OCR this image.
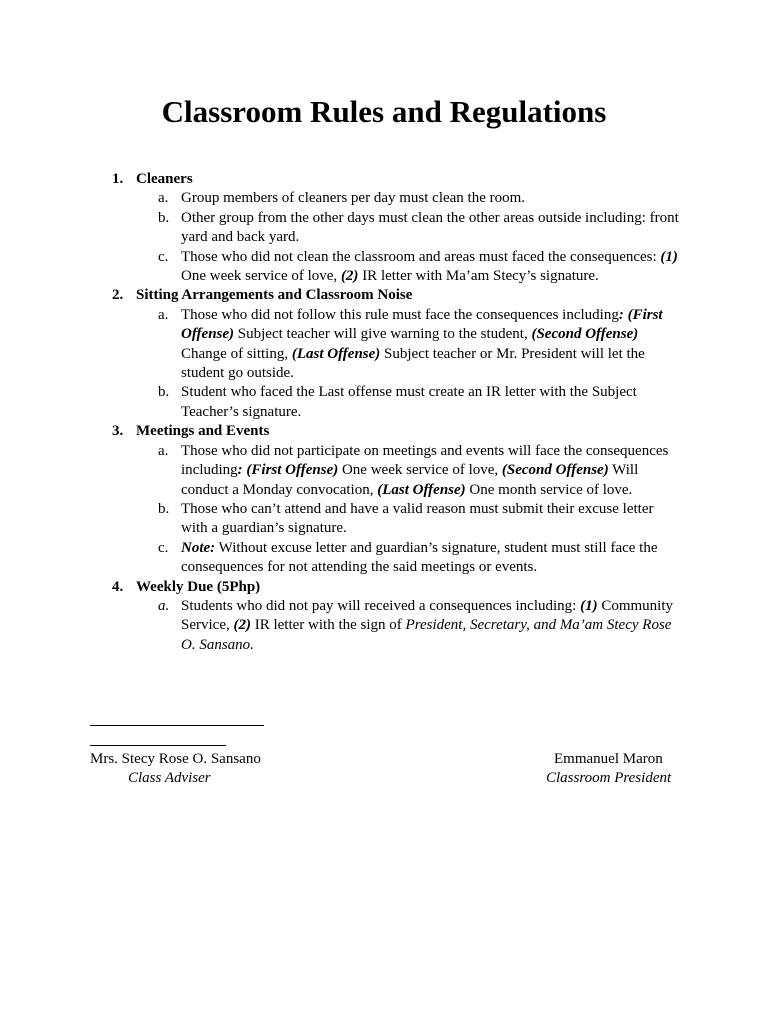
Classroom Rules and Regulations
1. Cleaners
a. Group members of cleaners per day must clean the room.
b. Other group from the other days must clean the other areas outside including: front yard and back yard.
c. Those who did not clean the classroom and areas must faced the consequences: (1) One week service of love, (2) IR letter with Ma’am Stecy’s signature.
2. Sitting Arrangements and Classroom Noise
a. Those who did not follow this rule must face the consequences including: (First Offense) Subject teacher will give warning to the student, (Second Offense) Change of sitting, (Last Offense) Subject teacher or Mr. President will let the student go outside.
b. Student who faced the Last offense must create an IR letter with the Subject Teacher’s signature.
3. Meetings and Events
a. Those who did not participate on meetings and events will face the consequences including: (First Offense) One week service of love, (Second Offense) Will conduct a Monday convocation, (Last Offense) One month service of love.
b. Those who can’t attend and have a valid reason must submit their excuse letter with a guardian’s signature.
c. Note: Without excuse letter and guardian’s signature, student must still face the consequences for not attending the said meetings or events.
4. Weekly Due (5Php)
a. Students who did not pay will received a consequences including: (1) Community Service, (2) IR letter with the sign of President, Secretary, and Ma’am Stecy Rose O. Sansano.
Mrs. Stecy Rose O. Sansano
Class Adviser
Emmanuel Maron
Classroom President
